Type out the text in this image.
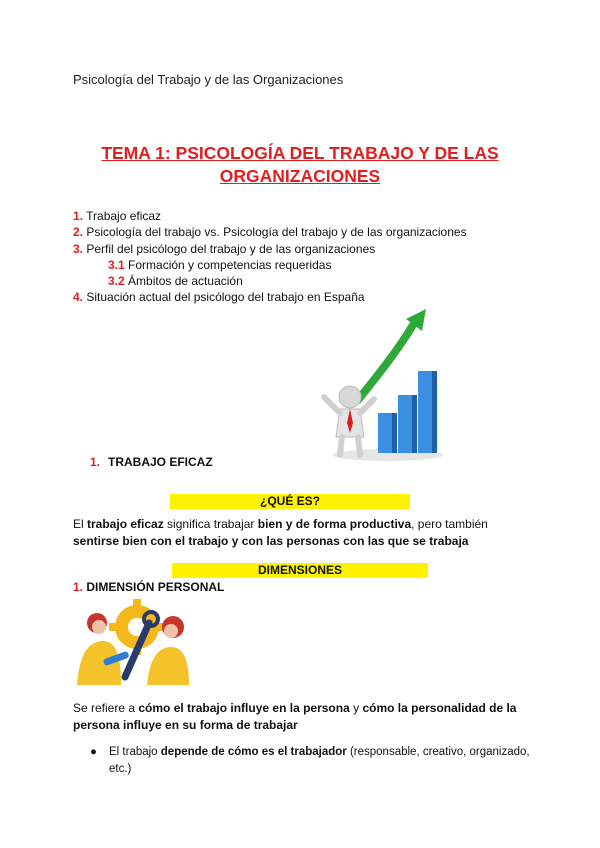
Psicología del Trabajo y de las Organizaciones
TEMA 1: PSICOLOGÍA DEL TRABAJO Y DE LAS
ORGANIZACIONES
1. Trabajo eficaz
2. Psicología del trabajo vs. Psicología del trabajo y de las organizaciones
3. Perfil del psicólogo del trabajo y de las organizaciones
3.1 Formación y competencias requeridas
3.2 Ámbitos de actuación
4. Situación actual del psicólogo del trabajo en España
1. TRABAJO EFICAZ
¿QUÉ ES?
El trabajo eficaz significa trabajar bien y de forma productiva, pero también sentirse bien con el trabajo y con las personas con las que se trabaja
DIMENSIONES
1. DIMENSIÓN PERSONAL
Se refiere a cómo el trabajo influye en la persona y cómo la personalidad de la persona influye en su forma de trabajar
●	El trabajo depende de cómo es el trabajador (responsable, creativo, organizado, etc.)
